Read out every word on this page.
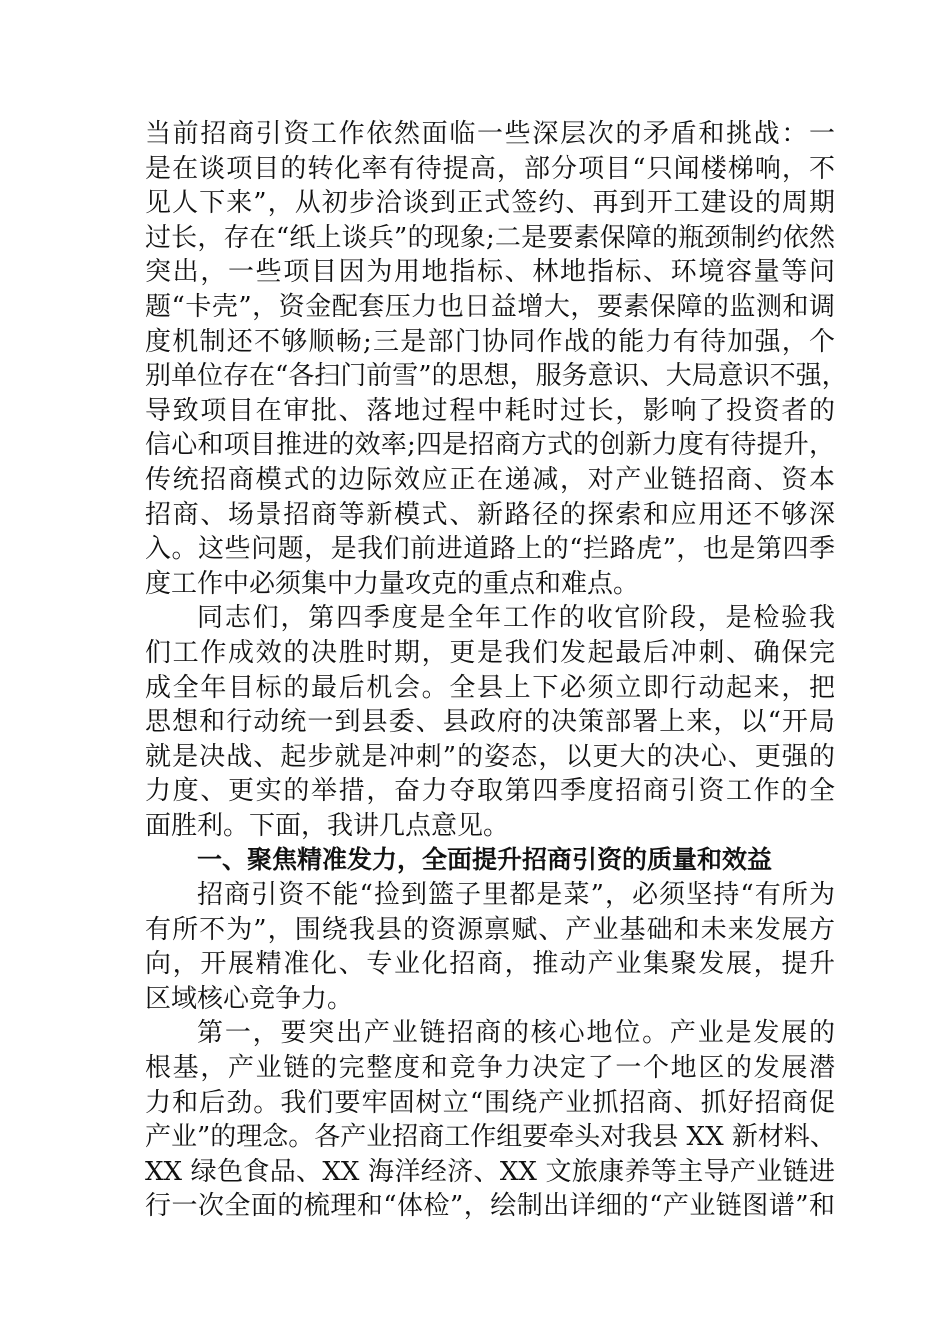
当前招商引资工作依然面临一些深层次的矛盾和挑战：一
是在谈项目的转化率有待提高，部分项目“只闻楼梯响，不
见人下来”，从初步洽谈到正式签约、再到开工建设的周期
过长，存在“纸上谈兵”的现象;二是要素保障的瓶颈制约依然
突出，一些项目因为用地指标、林地指标、环境容量等问
题“卡壳”，资金配套压力也日益增大，要素保障的监测和调
度机制还不够顺畅;三是部门协同作战的能力有待加强，个
别单位存在“各扫门前雪”的思想，服务意识、大局意识不强，
导致项目在审批、落地过程中耗时过长，影响了投资者的
信心和项目推进的效率;四是招商方式的创新力度有待提升，
传统招商模式的边际效应正在递减，对产业链招商、资本
招商、场景招商等新模式、新路径的探索和应用还不够深
入。这些问题，是我们前进道路上的“拦路虎”，也是第四季
度工作中必须集中力量攻克的重点和难点。
同志们，第四季度是全年工作的收官阶段，是检验我
们工作成效的决胜时期，更是我们发起最后冲刺、确保完
成全年目标的最后机会。全县上下必须立即行动起来，把
思想和行动统一到县委、县政府的决策部署上来，以“开局
就是决战、起步就是冲刺”的姿态，以更大的决心、更强的
力度、更实的举措，奋力夺取第四季度招商引资工作的全
面胜利。下面，我讲几点意见。
一、聚焦精准发力，全面提升招商引资的质量和效益
招商引资不能“捡到篮子里都是菜”，必须坚持“有所为
有所不为”，围绕我县的资源禀赋、产业基础和未来发展方
向，开展精准化、专业化招商，推动产业集聚发展，提升
区域核心竞争力。
第一，要突出产业链招商的核心地位。产业是发展的
根基，产业链的完整度和竞争力决定了一个地区的发展潜
力和后劲。我们要牢固树立“围绕产业抓招商、抓好招商促
产业”的理念。各产业招商工作组要牵头对我县 XX 新材料、
XX 绿色食品、XX 海洋经济、XX 文旅康养等主导产业链进
行一次全面的梳理和“体检”，绘制出详细的“产业链图谱”和
